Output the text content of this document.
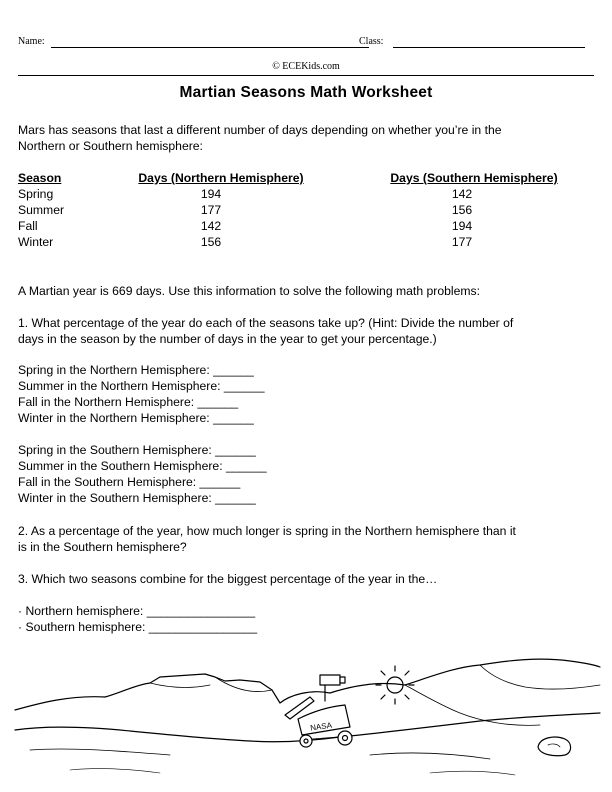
Name:	Class:
© ECEKids.com
Martian Seasons Math Worksheet
Mars has seasons that last a different number of days depending on whether you’re in the
Northern or Southern hemisphere:
Season	Days (Northern Hemisphere)	Days (Southern Hemisphere)
Spring	194	142
Summer	177	156
Fall	142	194
Winter	156	177
A Martian year is 669 days. Use this information to solve the following math problems:
1. What percentage of the year do each of the seasons take up? (Hint: Divide the number of
days in the season by the number of days in the year to get your percentage.)
Spring in the Northern Hemisphere: ______
Summer in the Northern Hemisphere: ______
Fall in the Northern Hemisphere: ______
Winter in the Northern Hemisphere: ______
Spring in the Southern Hemisphere: ______
Summer in the Southern Hemisphere: ______
Fall in the Southern Hemisphere: ______
Winter in the Southern Hemisphere: ______
2. As a percentage of the year, how much longer is spring in the Northern hemisphere than it
is in the Southern hemisphere?
3. Which two seasons combine for the biggest percentage of the year in the…
· Northern hemisphere: ________________
· Southern hemisphere: ________________
NASA
